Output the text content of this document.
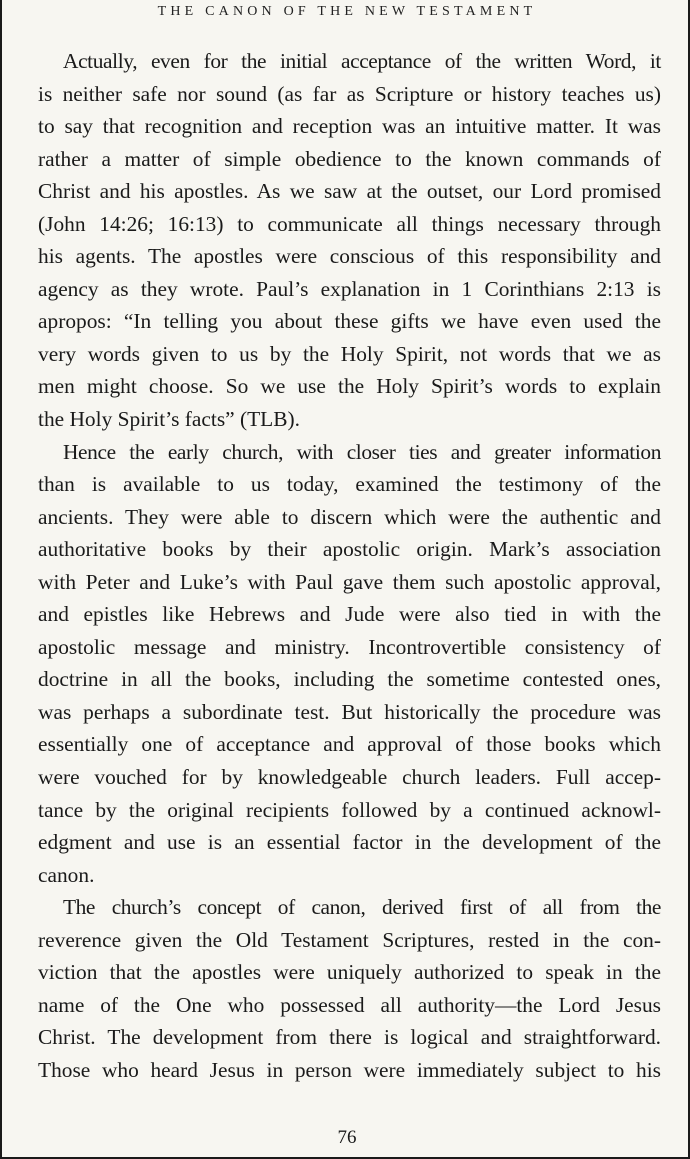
THE CANON OF THE NEW TESTAMENT
Actually, even for the initial acceptance of the written Word, it
is neither safe nor sound (as far as Scripture or history teaches us)
to say that recognition and reception was an intuitive matter. It was
rather a matter of simple obedience to the known commands of
Christ and his apostles. As we saw at the outset, our Lord promised
(John 14:26; 16:13) to communicate all things necessary through
his agents. The apostles were conscious of this responsibility and
agency as they wrote. Paul’s explanation in 1 Corinthians 2:13 is
apropos: “In telling you about these gifts we have even used the
very words given to us by the Holy Spirit, not words that we as
men might choose. So we use the Holy Spirit’s words to explain
the Holy Spirit’s facts” (TLB).
Hence the early church, with closer ties and greater information
than is available to us today, examined the testimony of the
ancients. They were able to discern which were the authentic and
authoritative books by their apostolic origin. Mark’s association
with Peter and Luke’s with Paul gave them such apostolic approval,
and epistles like Hebrews and Jude were also tied in with the
apostolic message and ministry. Incontrovertible consistency of
doctrine in all the books, including the sometime contested ones,
was perhaps a subordinate test. But historically the procedure was
essentially one of acceptance and approval of those books which
were vouched for by knowledgeable church leaders. Full accep-
tance by the original recipients followed by a continued acknowl-
edgment and use is an essential factor in the development of the
canon.
The church’s concept of canon, derived first of all from the
reverence given the Old Testament Scriptures, rested in the con-
viction that the apostles were uniquely authorized to speak in the
name of the One who possessed all authority—the Lord Jesus
Christ. The development from there is logical and straightforward.
Those who heard Jesus in person were immediately subject to his
76
